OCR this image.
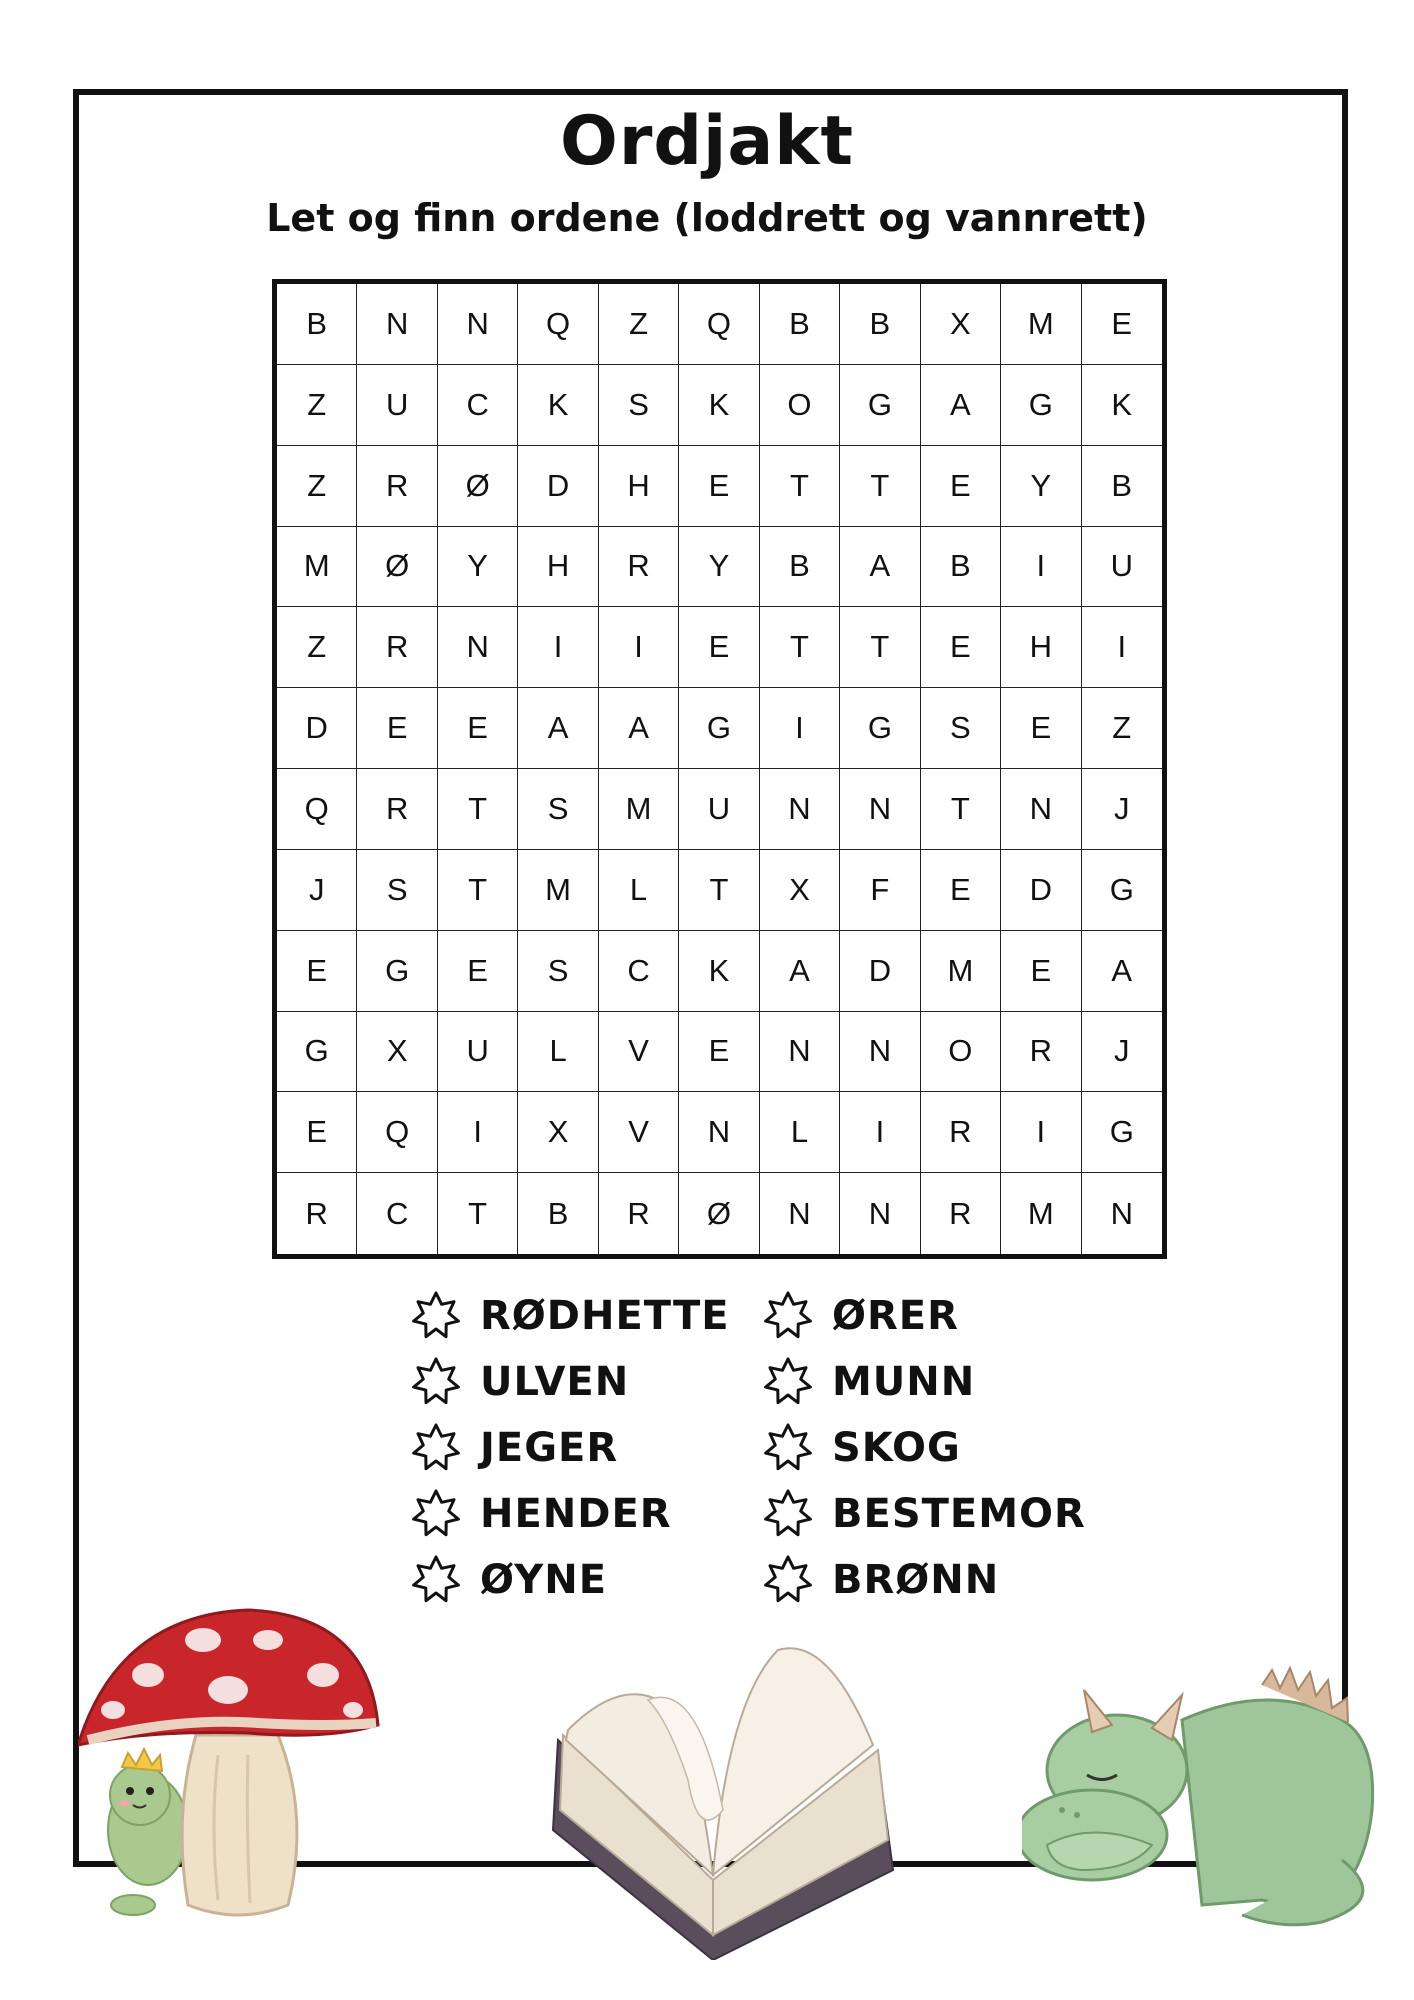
Ordjakt
Let og finn ordene (loddrett og vannrett)
B	N	N	Q	Z	Q	B	B	X	M	E
Z	U	C	K	S	K	O	G	A	G	K
Z	R	Ø	D	H	E	T	T	E	Y	B
M	Ø	Y	H	R	Y	B	A	B	I	U
Z	R	N	I	I	E	T	T	E	H	I
D	E	E	A	A	G	I	G	S	E	Z
Q	R	T	S	M	U	N	N	T	N	J
J	S	T	M	L	T	X	F	E	D	G
E	G	E	S	C	K	A	D	M	E	A
G	X	U	L	V	E	N	N	O	R	J
E	Q	I	X	V	N	L	I	R	I	G
R	C	T	B	R	Ø	N	N	R	M	N
RØDHETTE
ULVEN
JEGER
HENDER
ØYNE
ØRER
MUNN
SKOG
BESTEMOR
BRØNN
